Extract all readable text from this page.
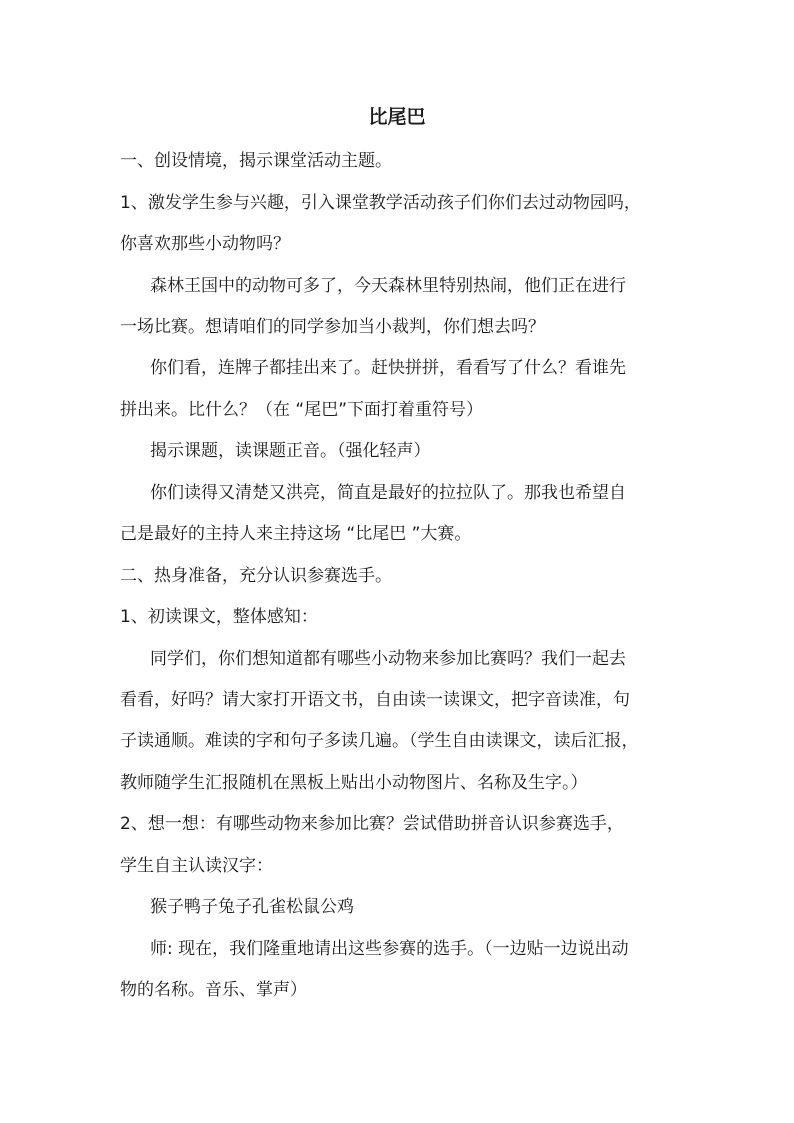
比尾巴

一、创设情境，揭示课堂活动主题。

1、激发学生参与兴趣，引入课堂教学活动孩子们你们去过动物园吗，

你喜欢那些小动物吗？

森林王国中的动物可多了，今天森林里特别热闹，他们正在进行

一场比赛。想请咱们的同学参加当小裁判，你们想去吗？

你们看，连牌子都挂出来了。赶快拼拼，看看写了什么？看谁先

拼出来。比什么？（在 “尾巴”下面打着重符号）

揭示课题，读课题正音。（强化轻声）

你们读得又清楚又洪亮，简直是最好的拉拉队了。那我也希望自

己是最好的主持人来主持这场 “比尾巴 ”大赛。

二、热身准备，充分认识参赛选手。

1、初读课文，整体感知：

同学们，你们想知道都有哪些小动物来参加比赛吗？我们一起去

看看，好吗？请大家打开语文书，自由读一读课文，把字音读准，句

子读通顺。难读的字和句子多读几遍。（学生自由读课文，读后汇报，

教师随学生汇报随机在黑板上贴出小动物图片、名称及生字。）

2、想一想：有哪些动物来参加比赛？尝试借助拼音认识参赛选手，

学生自主认读汉字：

猴子鸭子兔子孔雀松鼠公鸡

师: 现在，我们隆重地请出这些参赛的选手。（一边贴一边说出动

物的名称。音乐、掌声）
